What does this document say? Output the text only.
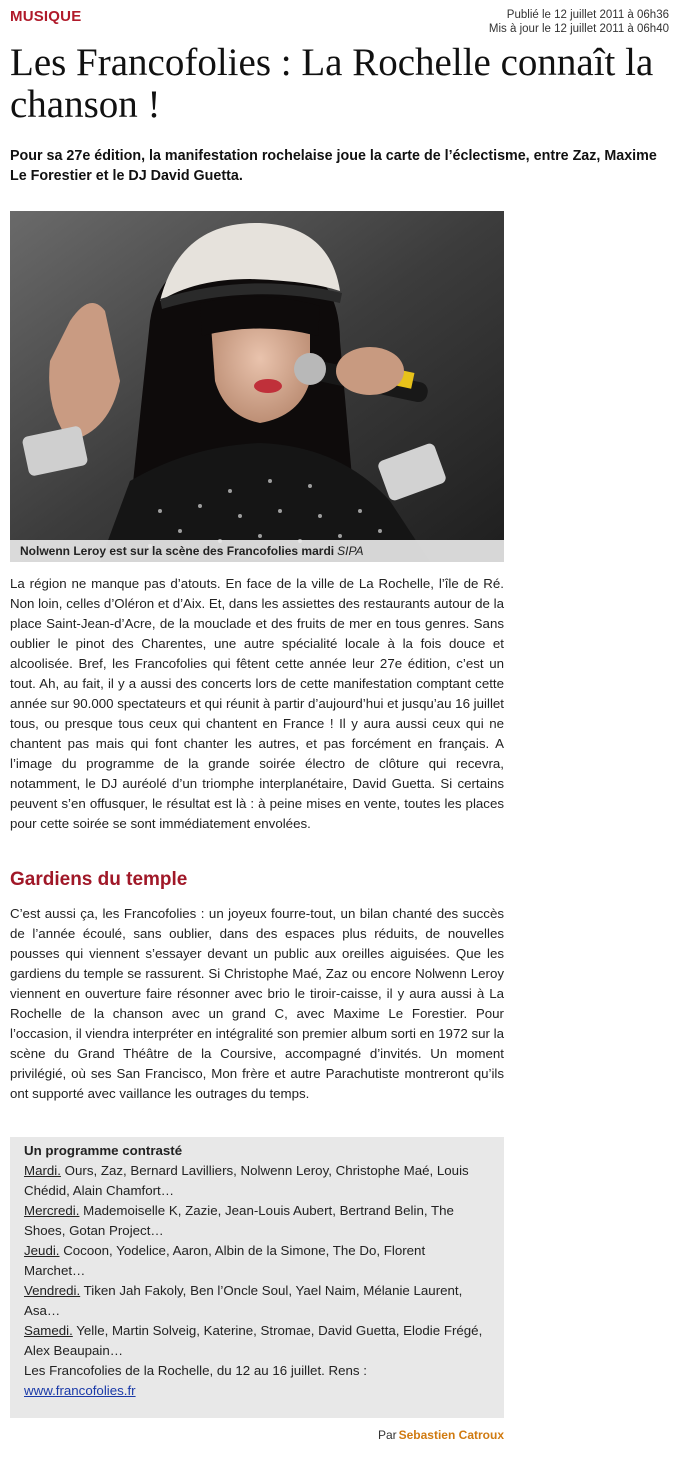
MUSIQUE	Publié le 12 juillet 2011 à 06h36
Mis à jour le 12 juillet 2011 à 06h40
Les Francofolies : La Rochelle connaît la chanson !

Pour sa 27e édition, la manifestation rochelaise joue la carte de l’éclectisme, entre Zaz, Maxime Le Forestier et le DJ David Guetta.

Nolwenn Leroy est sur la scène des Francofolies mardi SIPA

La région ne manque pas d’atouts. En face de la ville de La Rochelle, l’île de Ré. Non loin, celles d’Oléron et d’Aix. Et, dans les assiettes des restaurants autour de la place Saint-Jean-d’Acre, de la mouclade et des fruits de mer en tous genres. Sans oublier le pinot des Charentes, une autre spécialité locale à la fois douce et alcoolisée. Bref, les Francofolies qui fêtent cette année leur 27e édition, c’est un tout. Ah, au fait, il y a aussi des concerts lors de cette manifestation comptant cette année sur 90.000 spectateurs et qui réunit à partir d’aujourd’hui et jusqu’au 16 juillet tous, ou presque tous ceux qui chantent en France ! Il y aura aussi ceux qui ne chantent pas mais qui font chanter les autres, et pas forcément en français. A l’image du programme de la grande soirée électro de clôture qui recevra, notamment, le DJ auréolé d’un triomphe interplanétaire, David Guetta. Si certains peuvent s’en offusquer, le résultat est là : à peine mises en vente, toutes les places pour cette soirée se sont immédiatement envolées.

Gardiens du temple

C’est aussi ça, les Francofolies : un joyeux fourre-tout, un bilan chanté des succès de l’année écoulé, sans oublier, dans des espaces plus réduits, de nouvelles pousses qui viennent s’essayer devant un public aux oreilles aiguisées. Que les gardiens du temple se rassurent. Si Christophe Maé, Zaz ou encore Nolwenn Leroy viennent en ouverture faire résonner avec brio le tiroir-caisse, il y aura aussi à La Rochelle de la chanson avec un grand C, avec Maxime Le Forestier. Pour l’occasion, il viendra interpréter en intégralité son premier album sorti en 1972 sur la scène du Grand Théâtre de la Coursive, accompagné d’invités. Un moment privilégié, où ses San Francisco, Mon frère et autre Parachutiste montreront qu’ils ont supporté avec vaillance les outrages du temps.

Un programme contrasté
Mardi. Ours, Zaz, Bernard Lavilliers, Nolwenn Leroy, Christophe Maé, Louis Chédid, Alain Chamfort…
Mercredi. Mademoiselle K, Zazie, Jean-Louis Aubert, Bertrand Belin, The Shoes, Gotan Project…
Jeudi. Cocoon, Yodelice, Aaron, Albin de la Simone, The Do, Florent Marchet…
Vendredi. Tiken Jah Fakoly, Ben l’Oncle Soul, Yael Naim, Mélanie Laurent, Asa…
Samedi. Yelle, Martin Solveig, Katerine, Stromae, David Guetta, Elodie Frégé, Alex Beaupain…
Les Francofolies de la Rochelle, du 12 au 16 juillet. Rens :
www.francofolies.fr
Par Sebastien Catroux
